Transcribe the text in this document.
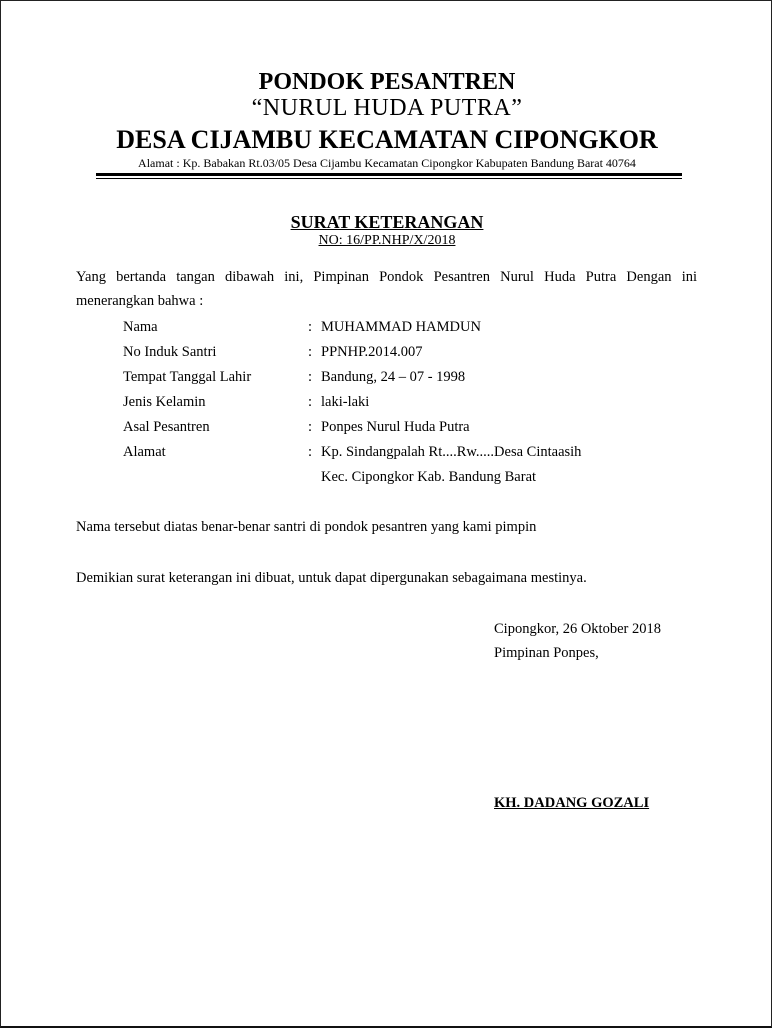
PONDOK PESANTREN
“NURUL HUDA PUTRA”
DESA CIJAMBU KECAMATAN CIPONGKOR
Alamat : Kp. Babakan Rt.03/05 Desa Cijambu Kecamatan Cipongkor Kabupaten Bandung Barat 40764
SURAT KETERANGAN
NO: 16/PP.NHP/X/2018
Yang bertanda tangan dibawah ini, Pimpinan Pondok Pesantren Nurul Huda Putra Dengan ini
menerangkan bahwa :
Nama	: MUHAMMAD HAMDUN
No Induk Santri	: PPNHP.2014.007
Tempat Tanggal Lahir	: Bandung, 24 – 07 - 1998
Jenis Kelamin	: laki-laki
Asal Pesantren	: Ponpes Nurul Huda Putra
Alamat	: Kp. Sindangpalah Rt....Rw.....Desa Cintaasih
Kec. Cipongkor Kab. Bandung Barat
Nama tersebut diatas benar-benar santri di pondok pesantren yang kami pimpin
Demikian surat keterangan ini dibuat, untuk dapat dipergunakan sebagaimana mestinya.
Cipongkor, 26 Oktober 2018
Pimpinan Ponpes,
KH. DADANG GOZALI
